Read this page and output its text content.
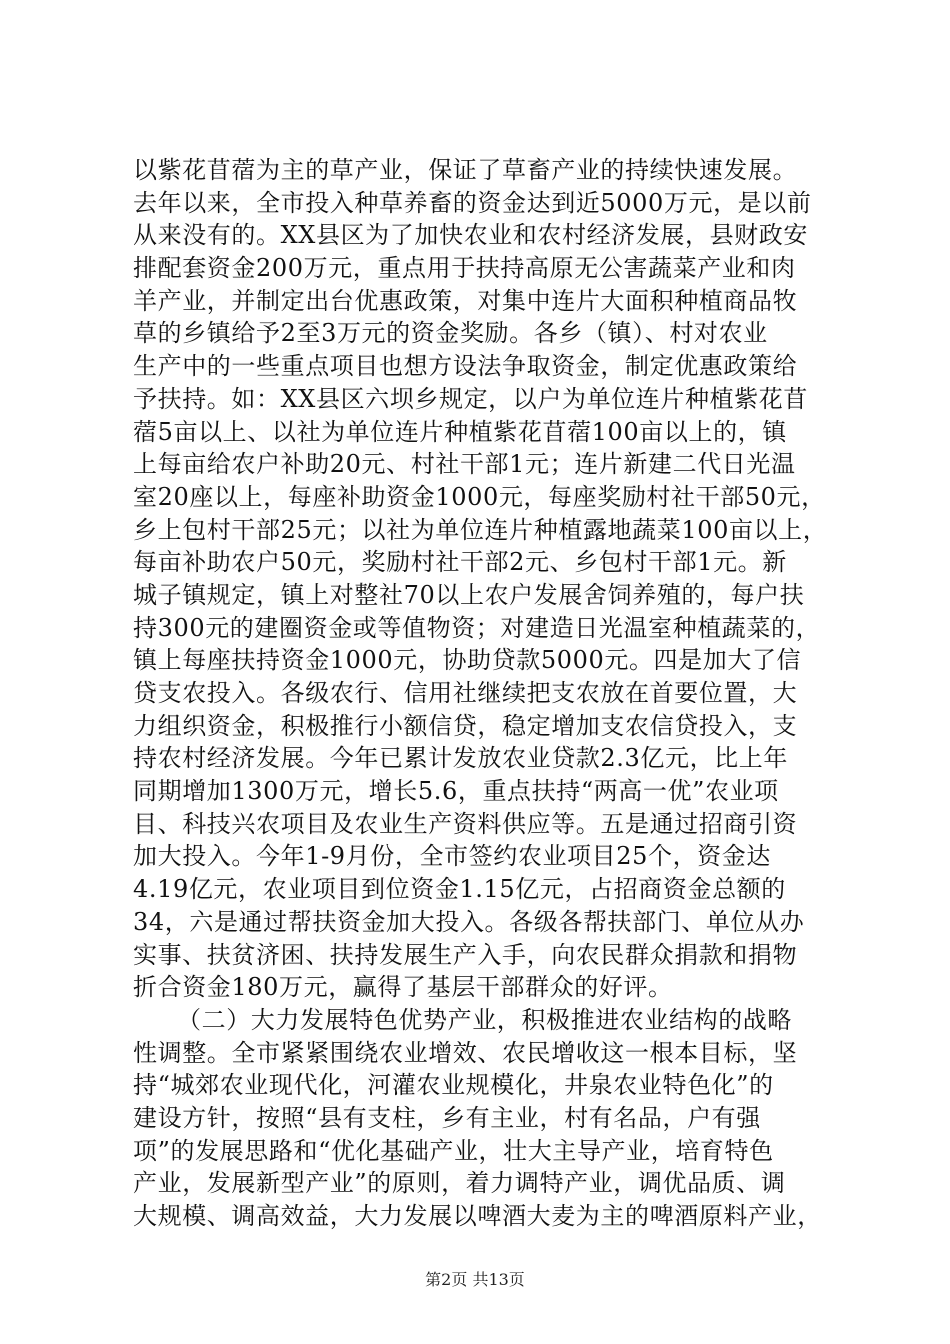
以紫花苜蓿为主的草产业，保证了草畜产业的持续快速发展。
去年以来，全市投入种草养畜的资金达到近5000万元，是以前
从来没有的。XX县区为了加快农业和农村经济发展，县财政安
排配套资金200万元，重点用于扶持高原无公害蔬菜产业和肉
羊产业，并制定出台优惠政策，对集中连片大面积种植商品牧
草的乡镇给予2至3万元的资金奖励。各乡（镇）、村对农业
生产中的一些重点项目也想方设法争取资金，制定优惠政策给
予扶持。如：XX县区六坝乡规定，以户为单位连片种植紫花苜
蓿5亩以上、以社为单位连片种植紫花苜蓿100亩以上的，镇
上每亩给农户补助20元、村社干部1元；连片新建二代日光温
室20座以上，每座补助资金1000元，每座奖励村社干部50元，
乡上包村干部25元；以社为单位连片种植露地蔬菜100亩以上，
每亩补助农户50元，奖励村社干部2元、乡包村干部1元。新
城子镇规定，镇上对整社70以上农户发展舍饲养殖的，每户扶
持300元的建圈资金或等值物资；对建造日光温室种植蔬菜的，
镇上每座扶持资金1000元，协助贷款5000元。四是加大了信
贷支农投入。各级农行、信用社继续把支农放在首要位置，大
力组织资金，积极推行小额信贷，稳定增加支农信贷投入，支
持农村经济发展。今年已累计发放农业贷款2.3亿元，比上年
同期增加1300万元，增长5.6，重点扶持“两高一优”农业项
目、科技兴农项目及农业生产资料供应等。五是通过招商引资
加大投入。今年1-9月份，全市签约农业项目25个，资金达
4.19亿元，农业项目到位资金1.15亿元，占招商资金总额的
34，六是通过帮扶资金加大投入。各级各帮扶部门、单位从办
实事、扶贫济困、扶持发展生产入手，向农民群众捐款和捐物
折合资金180万元，赢得了基层干部群众的好评。
（二）大力发展特色优势产业，积极推进农业结构的战略
性调整。全市紧紧围绕农业增效、农民增收这一根本目标，坚
持“城郊农业现代化，河灌农业规模化，井泉农业特色化”的
建设方针，按照“县有支柱，乡有主业，村有名品，户有强
项”的发展思路和“优化基础产业，壮大主导产业，培育特色
产业，发展新型产业”的原则，着力调特产业，调优品质、调
大规模、调高效益，大力发展以啤酒大麦为主的啤酒原料产业，
第2页 共13页
